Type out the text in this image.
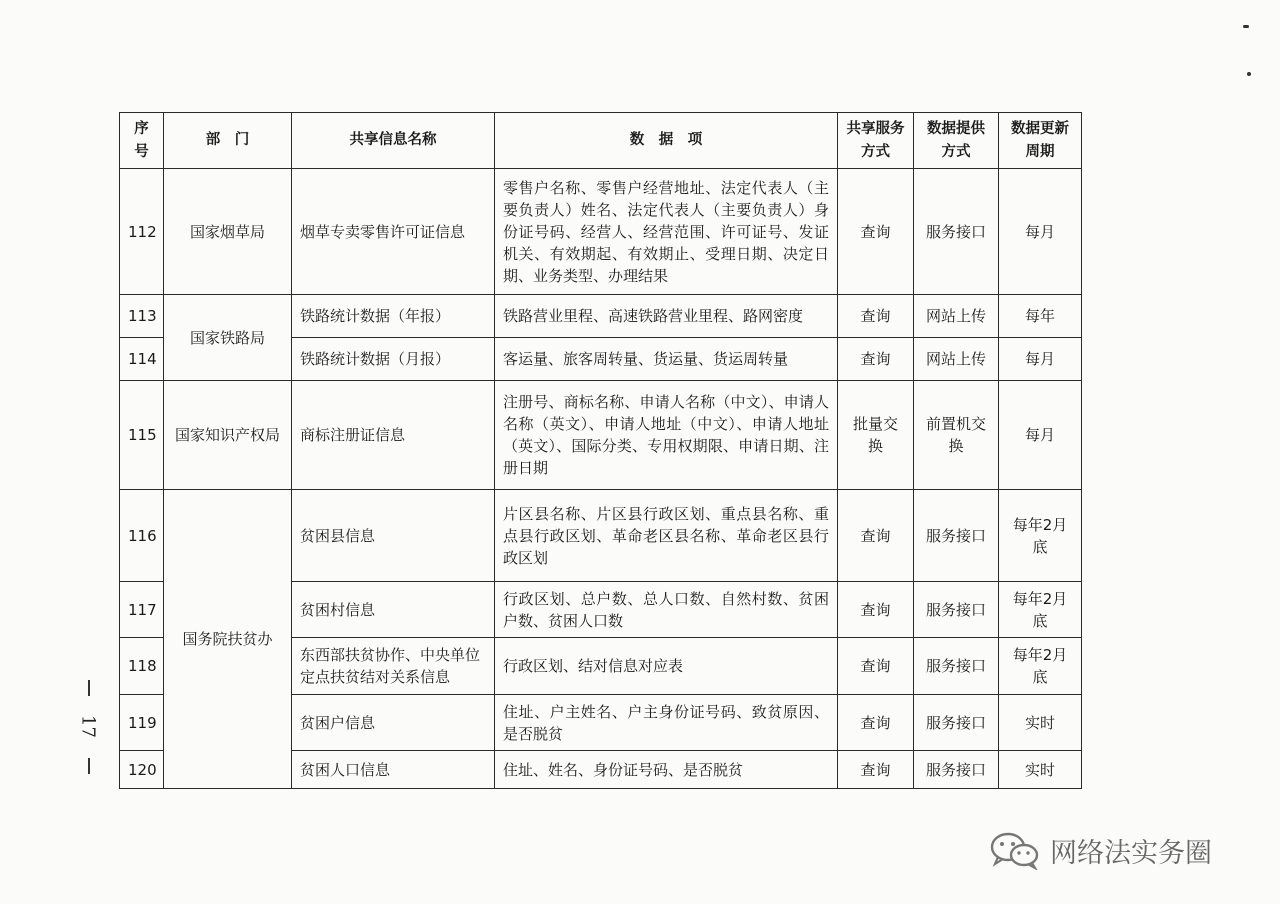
序号	部　门	共享信息名称	数　据　项	共享服务方式	数据提供方式	数据更新周期
112	国家烟草局	烟草专卖零售许可证信息	零售户名称、零售户经营地址、法定代表人（主要负责人）姓名、法定代表人（主要负责人）身份证号码、经营人、经营范围、许可证号、发证机关、有效期起、有效期止、受理日期、决定日期、业务类型、办理结果	查询	服务接口	每月
113	国家铁路局	铁路统计数据（年报）	铁路营业里程、高速铁路营业里程、路网密度	查询	网站上传	每年
114		铁路统计数据（月报）	客运量、旅客周转量、货运量、货运周转量	查询	网站上传	每月
115	国家知识产权局	商标注册证信息	注册号、商标名称、申请人名称（中文）、申请人名称（英文）、申请人地址（中文）、申请人地址（英文）、国际分类、专用权期限、申请日期、注册日期	批量交换	前置机交换	每月
116	国务院扶贫办	贫困县信息	片区县名称、片区县行政区划、重点县名称、重点县行政区划、革命老区县名称、革命老区县行政区划	查询	服务接口	每年2月底
117		贫困村信息	行政区划、总户数、总人口数、自然村数、贫困户数、贫困人口数	查询	服务接口	每年2月底
118		东西部扶贫协作、中央单位定点扶贫结对关系信息	行政区划、结对信息对应表	查询	服务接口	每年2月底
119		贫困户信息	住址、户主姓名、户主身份证号码、致贫原因、是否脱贫	查询	服务接口	实时
120		贫困人口信息	住址、姓名、身份证号码、是否脱贫	查询	服务接口	实时
17
网络法实务圈
